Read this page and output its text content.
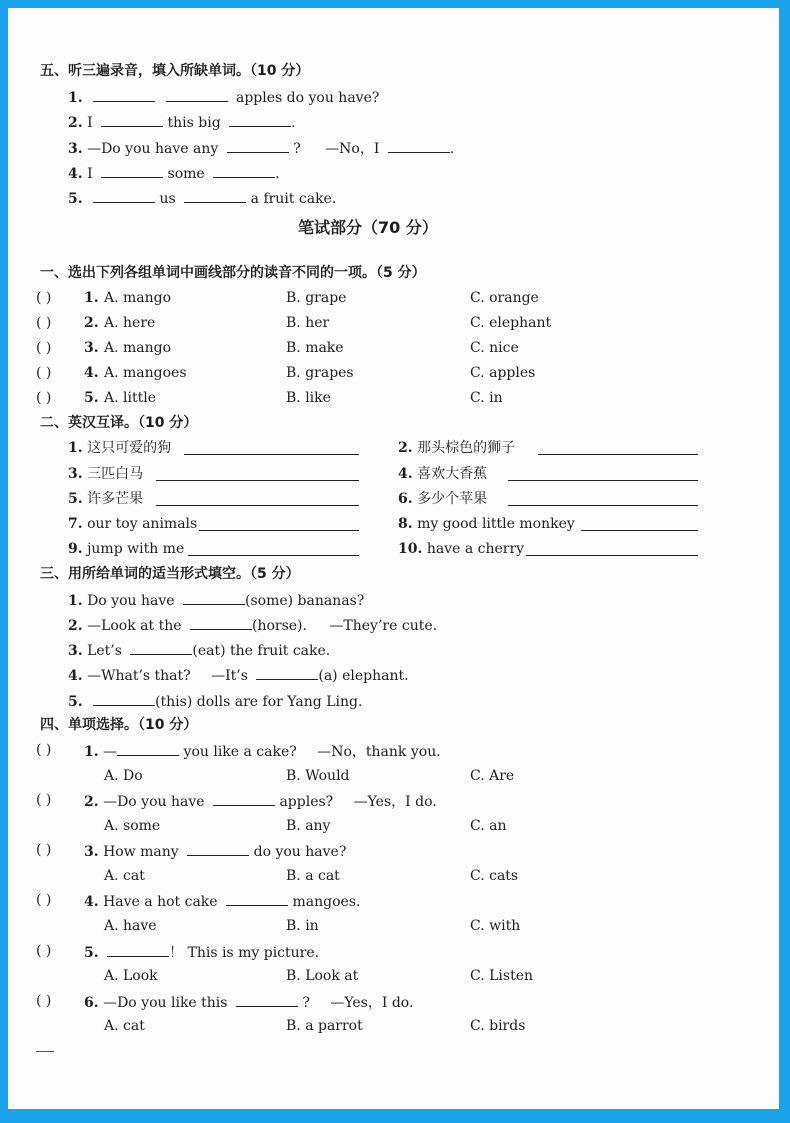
五、听三遍录音，填入所缺单词。（10 分）
1.	apples do you have?
2. I	this big	.
3. —Do you have any	? —No，I	.
4. I	some	.
5.	us	a fruit cake.
笔试部分（70 分）
一、选出下列各组单词中画线部分的读音不同的一项。（5 分）
( ) 1. A. mango	B. grape	C. orange
( ) 2. A. here	B. her	C. elephant
( ) 3. A. mango	B. make	C. nice
( ) 4. A. mangoes	B. grapes	C. apples
( ) 5. A. little	B. like	C. in
二、英汉互译。（10 分）
1. 这只可爱的狗	2. 那头棕色的狮子
3. 三匹白马	4. 喜欢大香蕉
5. 许多芒果	6. 多少个苹果
7. our toy animals	8. my good little monkey
9. jump with me	10. have a cherry
三、用所给单词的适当形式填空。（5 分）
1. Do you have	(some) bananas?
2. —Look at the	(horse). —They’re cute.
3. Let’s	(eat) the fruit cake.
4. —What’s that? —It’s	(a) elephant.
5.	(this) dolls are for Yang Ling.
四、单项选择。（10 分）
( ) 1. —	you like a cake? —No，thank you.
A. Do	B. Would	C. Are
( ) 2. —Do you have	apples? —Yes，I do.
A. some	B. any	C. an
( ) 3. How many	do you have?
A. cat	B. a cat	C. cats
( ) 4. Have a hot cake	mangoes.
A. have	B. in	C. with
( ) 5.	！ This is my picture.
A. Look	B. Look at	C. Listen
( ) 6. —Do you like this	? —Yes，I do.
A. cat	B. a parrot	C. birds
